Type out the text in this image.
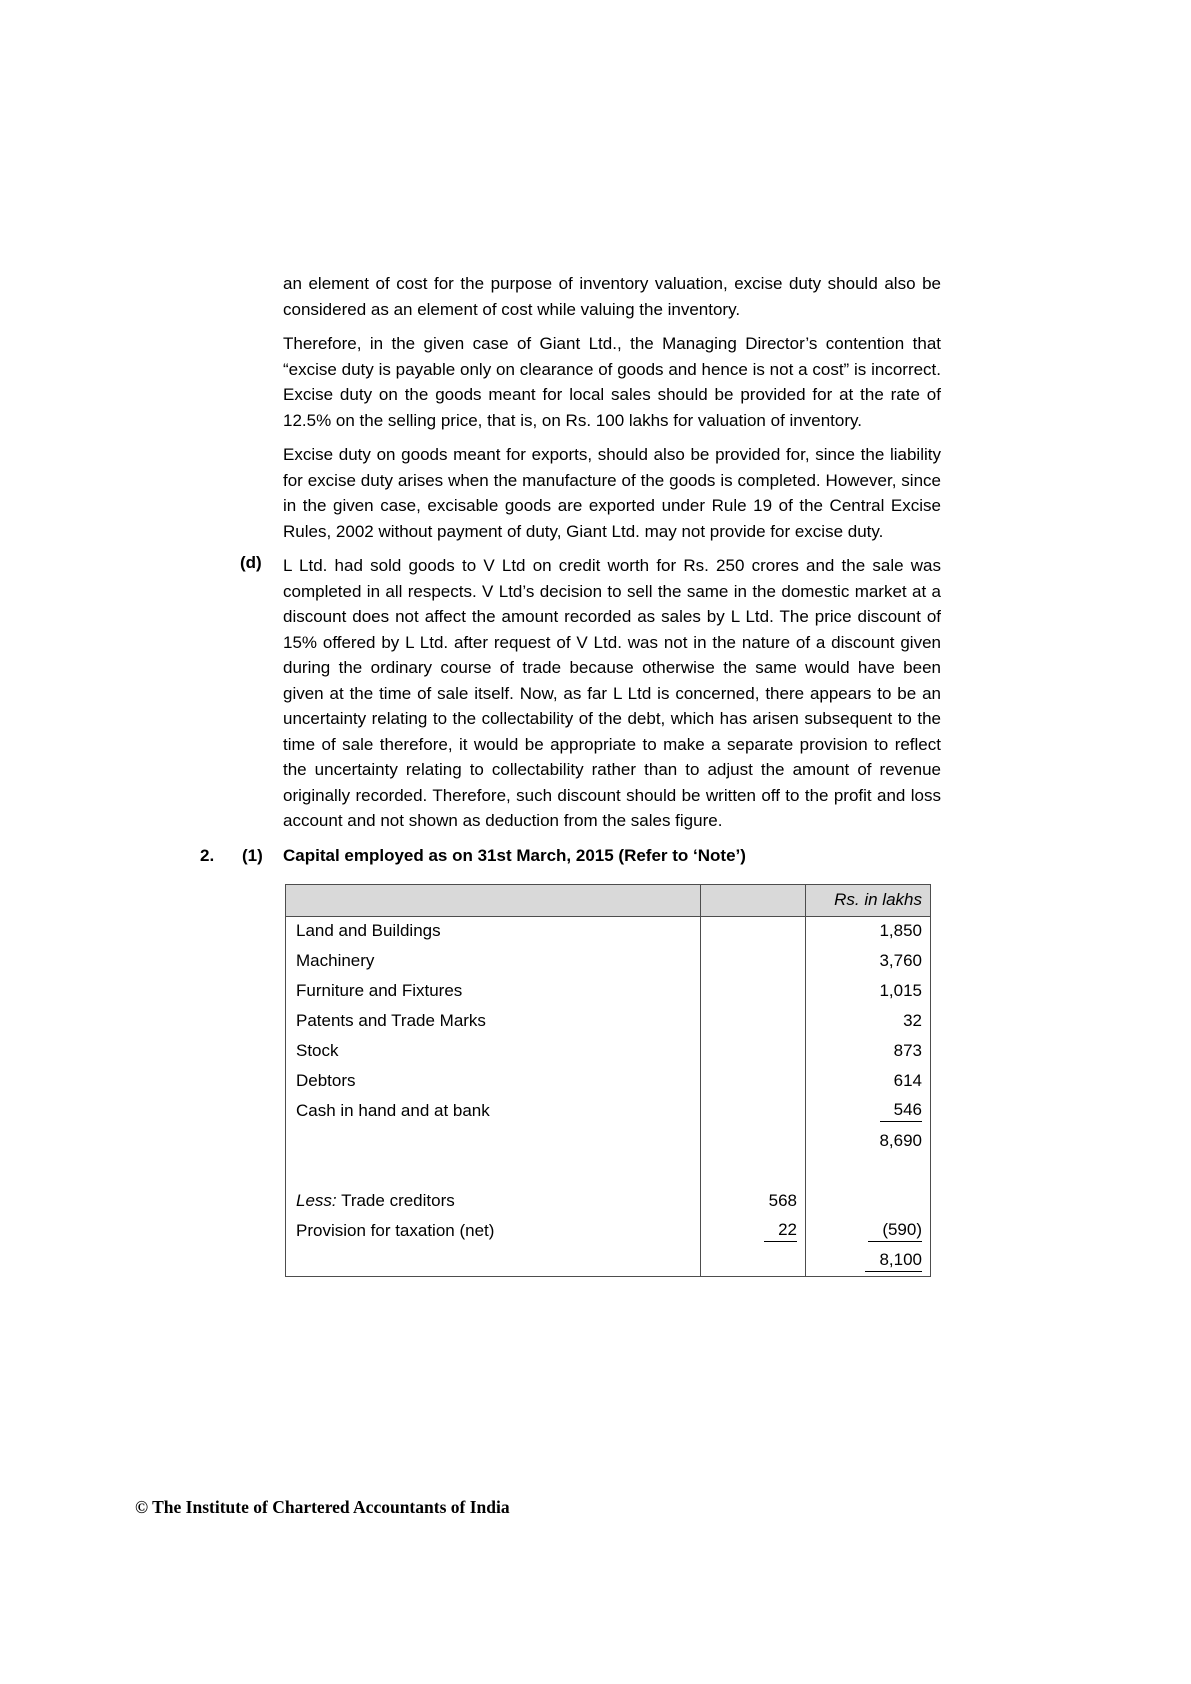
an element of cost for the purpose of inventory valuation, excise duty should also be considered as an element of cost while valuing the inventory.

Therefore, in the given case of Giant Ltd., the Managing Director’s contention that “excise duty is payable only on clearance of goods and hence is not a cost” is incorrect. Excise duty on the goods meant for local sales should be provided for at the rate of 12.5% on the selling price, that is, on Rs. 100 lakhs for valuation of inventory.

Excise duty on goods meant for exports, should also be provided for, since the liability for excise duty arises when the manufacture of the goods is completed. However, since in the given case, excisable goods are exported under Rule 19 of the Central Excise Rules, 2002 without payment of duty, Giant Ltd. may not provide for excise duty.

(d) L Ltd. had sold goods to V Ltd on credit worth for Rs. 250 crores and the sale was completed in all respects. V Ltd’s decision to sell the same in the domestic market at a discount does not affect the amount recorded as sales by L Ltd. The price discount of 15% offered by L Ltd. after request of V Ltd. was not in the nature of a discount given during the ordinary course of trade because otherwise the same would have been given at the time of sale itself. Now, as far L Ltd is concerned, there appears to be an uncertainty relating to the collectability of the debt, which has arisen subsequent to the time of sale therefore, it would be appropriate to make a separate provision to reflect the uncertainty relating to collectability rather than to adjust the amount of revenue originally recorded. Therefore, such discount should be written off to the profit and loss account and not shown as deduction from the sales figure.

2. (1) Capital employed as on 31st March, 2015 (Refer to ‘Note’)
		Rs. in lakhs
Land and Buildings		1,850
Machinery		3,760
Furniture and Fixtures		1,015
Patents and Trade Marks		32
Stock		873
Debtors		614
Cash in hand and at bank		546
		8,690

Less: Trade creditors	568	
Provision for taxation (net)	22	(590)
		8,100
© The Institute of Chartered Accountants of India
